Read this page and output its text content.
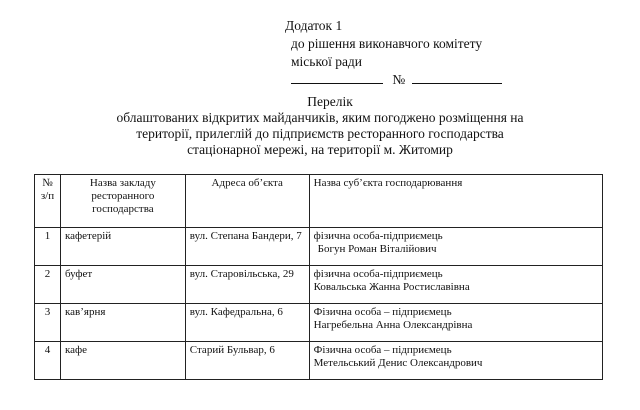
Додаток 1
до рішення виконавчого комітету
міської ради
№
Перелік
облаштованих відкритих майданчиків, яким погоджено розміщення на
території, прилеглій до підприємств ресторанного господарства
стаціонарної мережі, на території м. Житомир
№
з/п	Назва закладу ресторанного господарства	Адреса об’єкта	Назва суб’єкта господарювання
1	кафетерій	вул. Степана Бандери, 7	фізична особа-підприємець
Богун Роман Віталійович

2	буфет	вул. Старовільська, 29	фізична особа-підприємець
Ковальська Жанна Ростиславівна
3	кав’ярня	вул. Кафедральна, 6	Фізична особа – підприємець
Нагребельна Анна Олександрівна
4	кафе	Старий Бульвар, 6	Фізична особа – підприємець
Метельський Денис Олександрович
